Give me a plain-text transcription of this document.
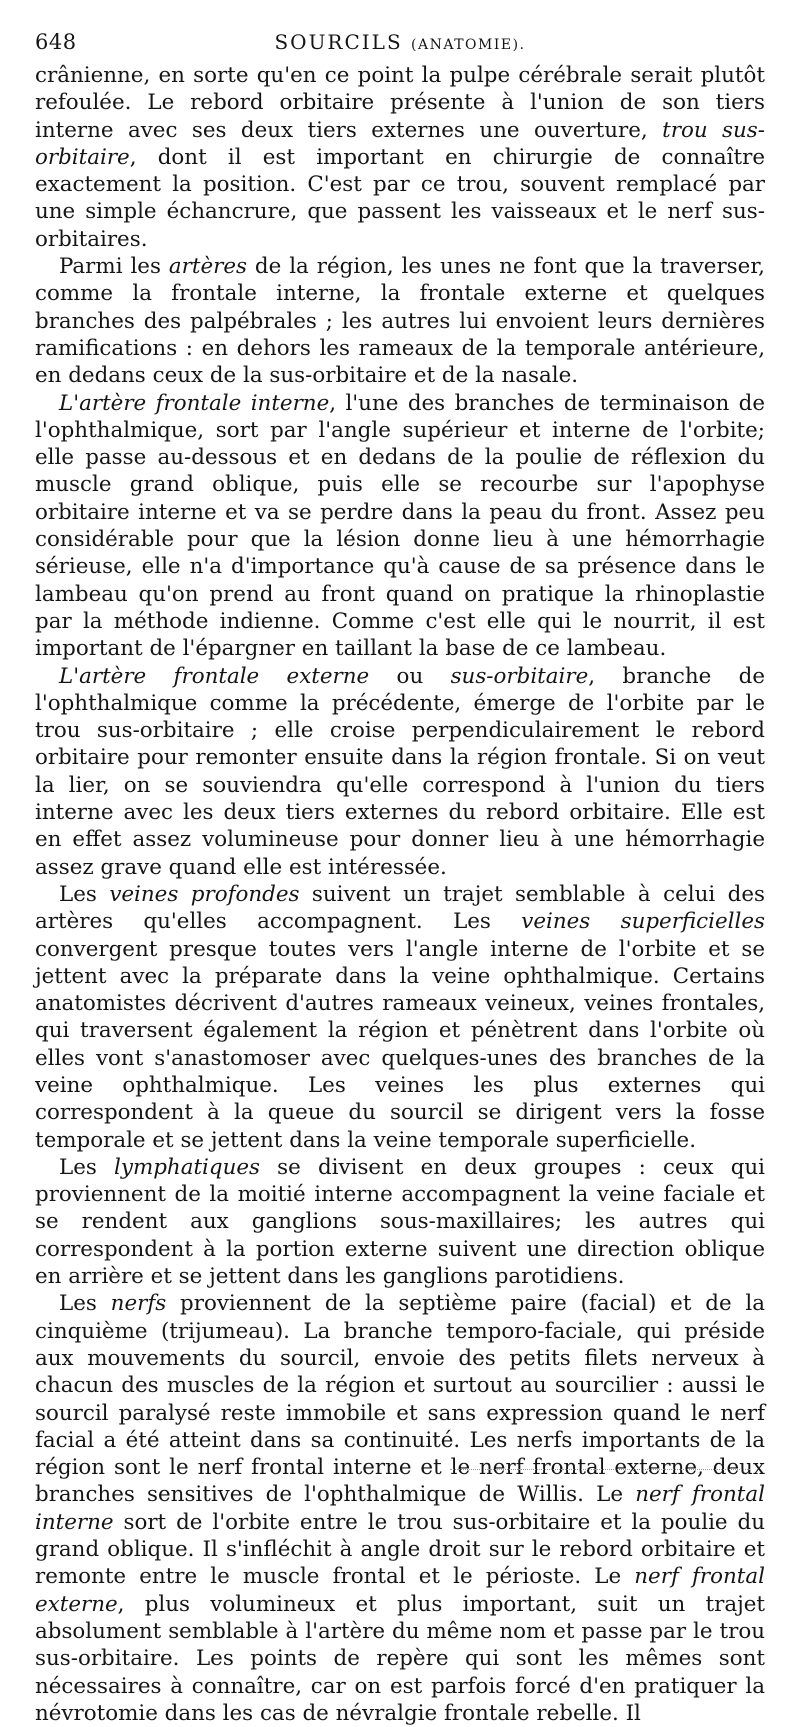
648	SOURCILS (ANATOMIE).

crânienne, en sorte qu'en ce point la pulpe cérébrale serait plutôt refoulée. Le rebord orbitaire présente à l'union de son tiers interne avec ses deux tiers externes une ouverture, trou sus-orbitaire, dont il est important en chirurgie de connaître exactement la position. C'est par ce trou, souvent remplacé par une simple échancrure, que passent les vaisseaux et le nerf sus-orbitaires.

Parmi les artères de la région, les unes ne font que la traverser, comme la frontale interne, la frontale externe et quelques branches des palpébrales ; les autres lui envoient leurs dernières ramifications : en dehors les rameaux de la temporale antérieure, en dedans ceux de la sus-orbitaire et de la nasale.

L'artère frontale interne, l'une des branches de terminaison de l'ophthalmique, sort par l'angle supérieur et interne de l'orbite; elle passe au-dessous et en dedans de la poulie de réflexion du muscle grand oblique, puis elle se recourbe sur l'apophyse orbitaire interne et va se perdre dans la peau du front. Assez peu considérable pour que la lésion donne lieu à une hémorrhagie sérieuse, elle n'a d'importance qu'à cause de sa présence dans le lambeau qu'on prend au front quand on pratique la rhinoplastie par la méthode indienne. Comme c'est elle qui le nourrit, il est important de l'épargner en taillant la base de ce lambeau.

L'artère frontale externe ou sus-orbitaire, branche de l'ophthalmique comme la précédente, émerge de l'orbite par le trou sus-orbitaire ; elle croise perpendiculairement le rebord orbitaire pour remonter ensuite dans la région frontale. Si on veut la lier, on se souviendra qu'elle correspond à l'union du tiers interne avec les deux tiers externes du rebord orbitaire. Elle est en effet assez volumineuse pour donner lieu à une hémorrhagie assez grave quand elle est intéressée.

Les veines profondes suivent un trajet semblable à celui des artères qu'elles accompagnent. Les veines superficielles convergent presque toutes vers l'angle interne de l'orbite et se jettent avec la préparate dans la veine ophthalmique. Certains anatomistes décrivent d'autres rameaux veineux, veines frontales, qui traversent également la région et pénètrent dans l'orbite où elles vont s'anastomoser avec quelques-unes des branches de la veine ophthalmique. Les veines les plus externes qui correspondent à la queue du sourcil se dirigent vers la fosse temporale et se jettent dans la veine temporale superficielle.

Les lymphatiques se divisent en deux groupes : ceux qui proviennent de la moitié interne accompagnent la veine faciale et se rendent aux ganglions sous-maxillaires; les autres qui correspondent à la portion externe suivent une direction oblique en arrière et se jettent dans les ganglions parotidiens.

Les nerfs proviennent de la septième paire (facial) et de la cinquième (trijumeau). La branche temporo-faciale, qui préside aux mouvements du sourcil, envoie des petits filets nerveux à chacun des muscles de la région et surtout au sourcilier : aussi le sourcil paralysé reste immobile et sans expression quand le nerf facial a été atteint dans sa continuité. Les nerfs importants de la région sont le nerf frontal interne et le nerf frontal externe, deux branches sensitives de l'ophthalmique de Willis. Le nerf frontal interne sort de l'orbite entre le trou sus-orbitaire et la poulie du grand oblique. Il s'infléchit à angle droit sur le rebord orbitaire et remonte entre le muscle frontal et le périoste. Le nerf frontal externe, plus volumineux et plus important, suit un trajet absolument semblable à l'artère du même nom et passe par le trou sus-orbitaire. Les points de repère qui sont les mêmes sont nécessaires à connaître, car on est parfois forcé d'en pratiquer la névrotomie dans les cas de névralgie frontale rebelle. Il
